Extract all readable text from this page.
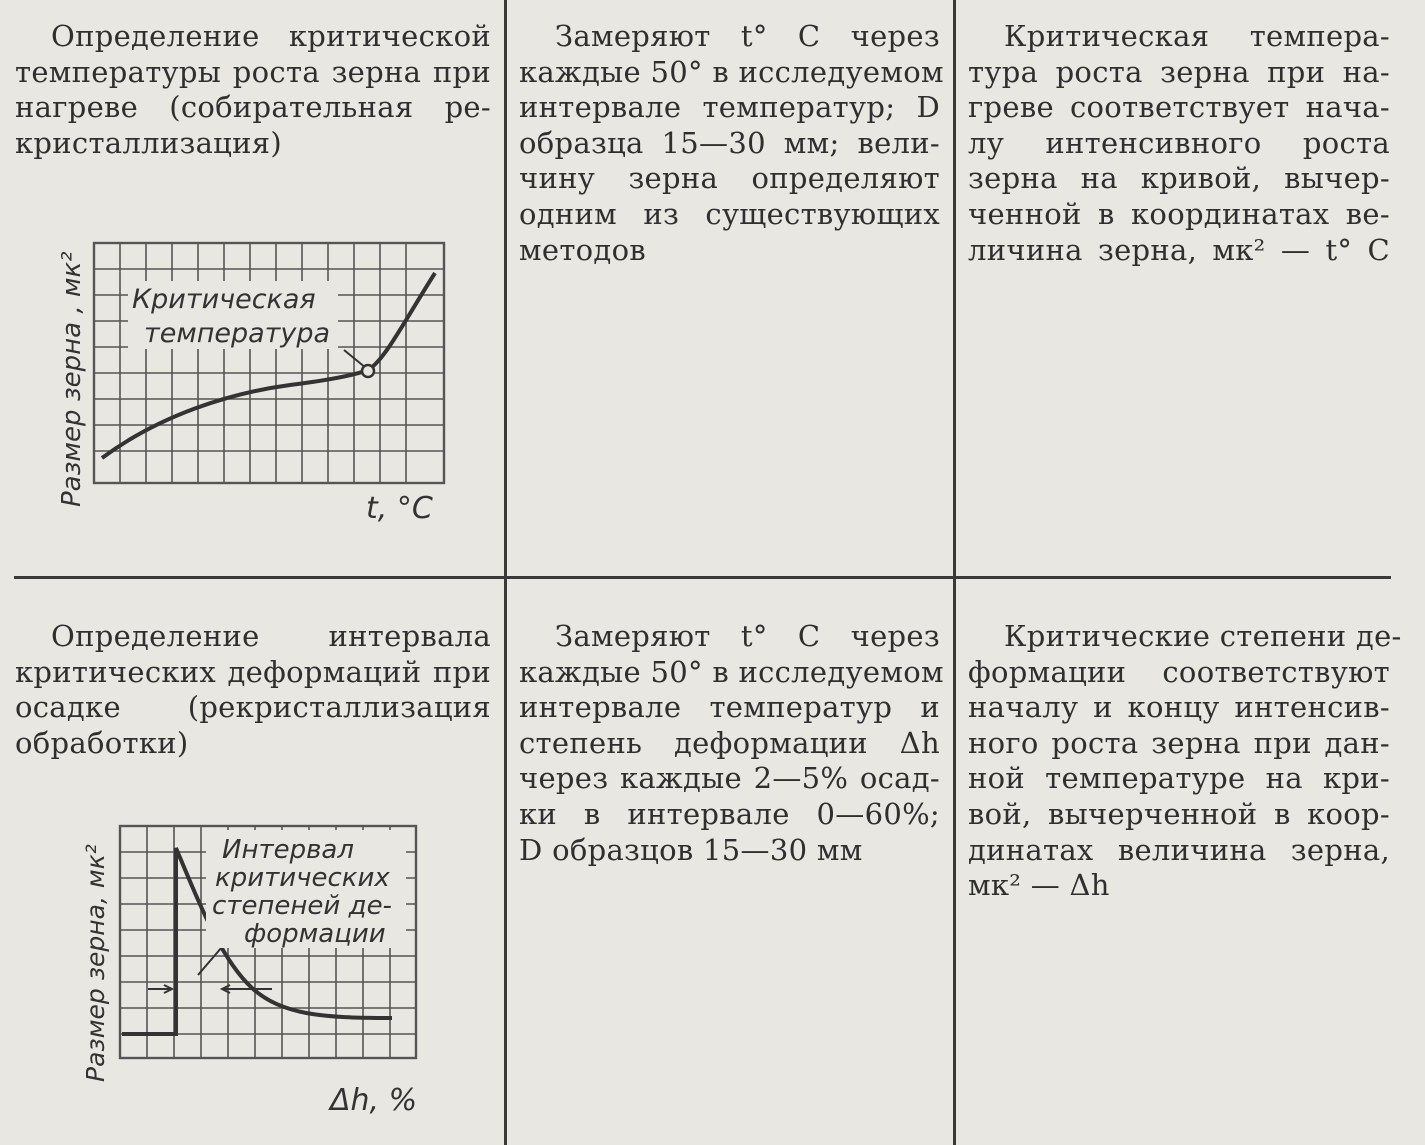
Определение критической
температуры роста зерна при
нагреве (собирательная ре-
кристаллизация)
Замеряют t° C через
каждые 50° в исследуемом
интервале температур; D
образца 15—30 мм; вели-
чину зерна определяют
одним из существующих
методов
Критическая темпера-
тура роста зерна при на-
греве соответствует нача-
лу интенсивного роста
зерна на кривой, вычер-
ченной в координатах ве-
личина зерна, мк² — t° C
Критическая
температура
Размер зерна , мк²
t, °C
Определение интервала
критических деформаций при
осадке (рекристаллизация
обработки)
Замеряют t° C через
каждые 50° в исследуемом
интервале температур и
степень деформации Δh
через каждые 2—5% осад-
ки в интервале 0—60%;
D образцов 15—30 мм
Критические степени де-
формации соответствуют
началу и концу интенсив-
ного роста зерна при дан-
ной температуре на кри-
вой, вычерченной в коор-
динатах величина зерна,
мк² — Δh
Интервал
критических
степеней де-
формации
Размер зерна, мк²
Δh, %
